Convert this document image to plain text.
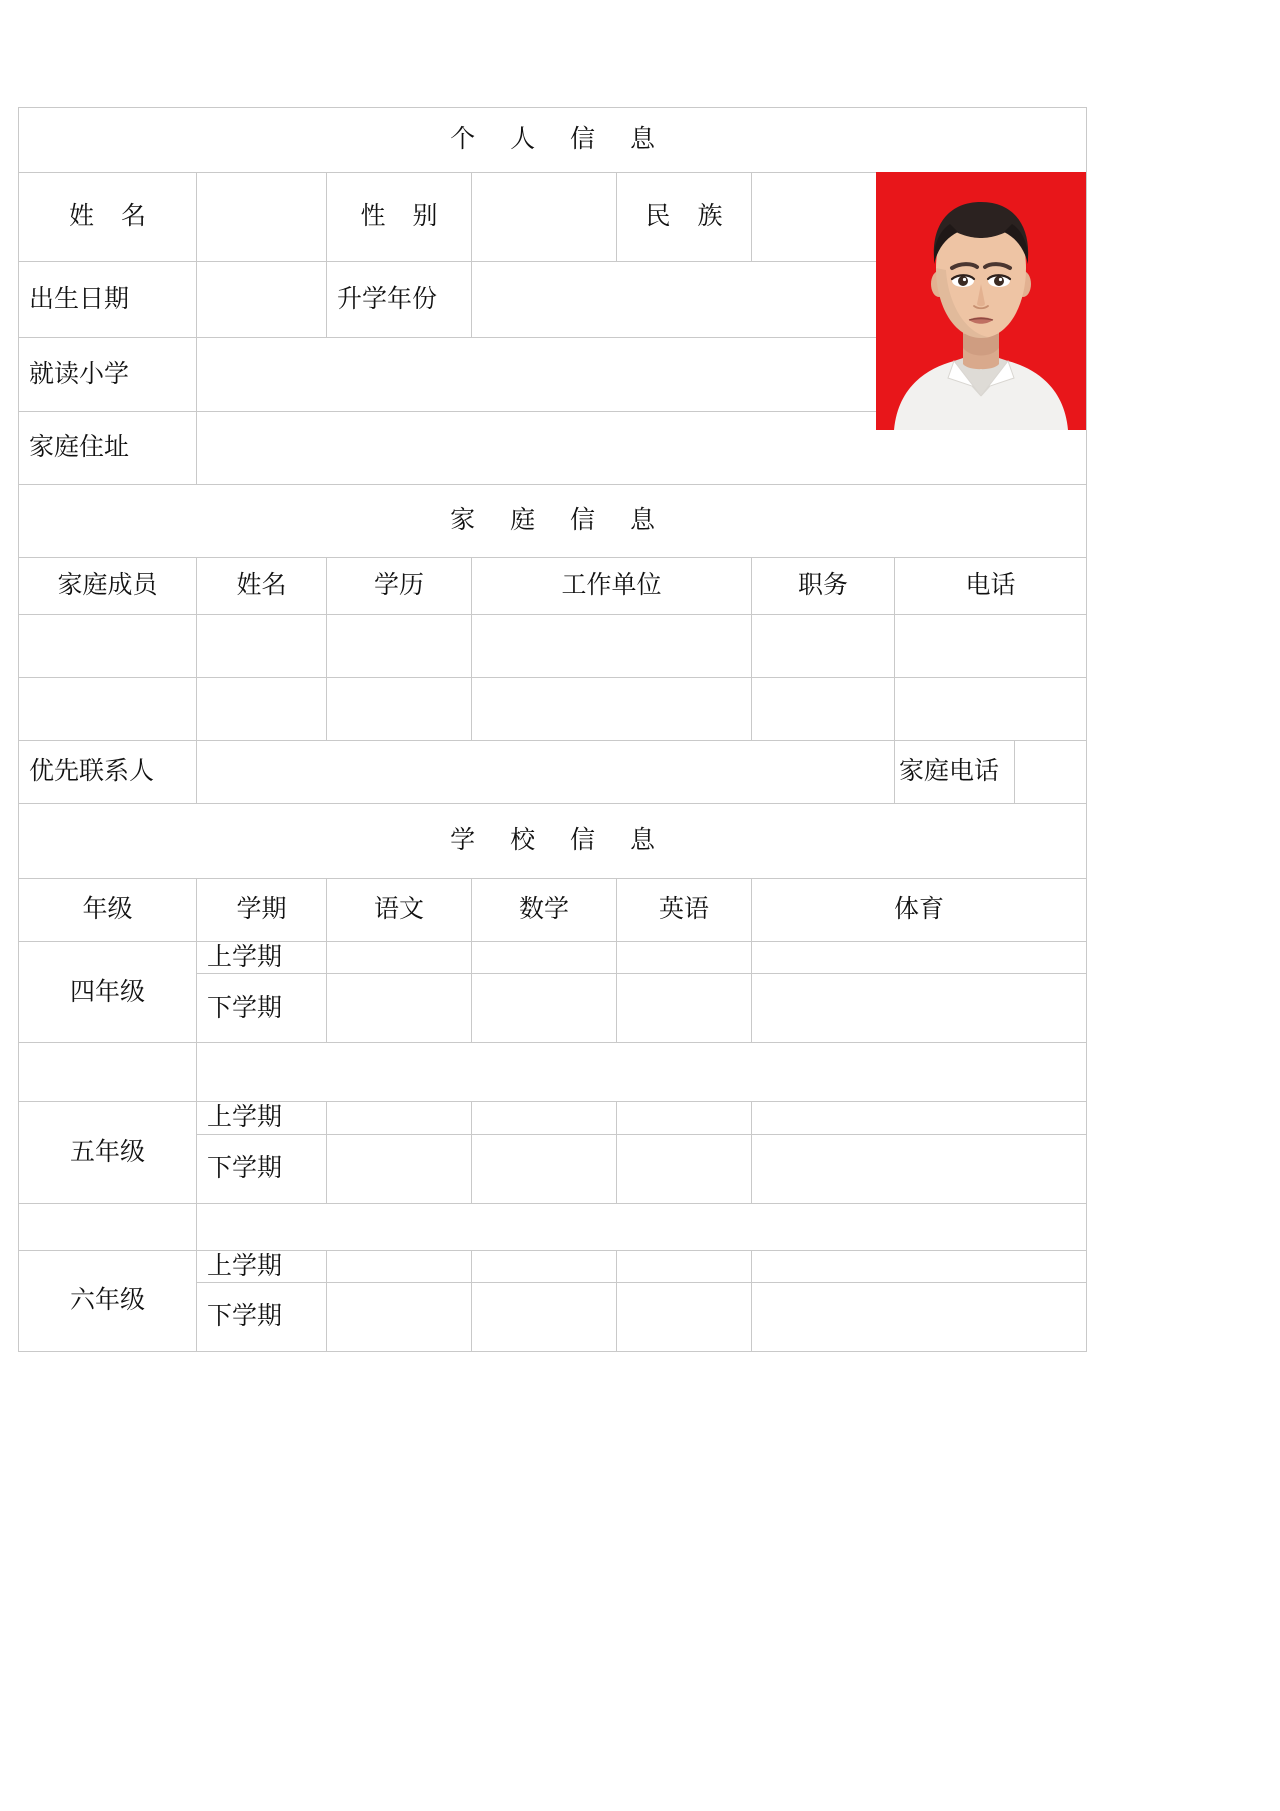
个 人 信 息							
姓 名		性 别		民 族			
出生日期		升学年份					
就读小学							
家庭住址							
家 庭 信 息							
家庭成员	姓名	学历	工作单位		职务	电话	

优先联系人						家庭电话	
学 校 信 息							
年级	学期	语文	数学	英语	体育		
四年级	上学期						
	下学期						

五年级	上学期						
	下学期						

六年级	上学期						
	下学期						
